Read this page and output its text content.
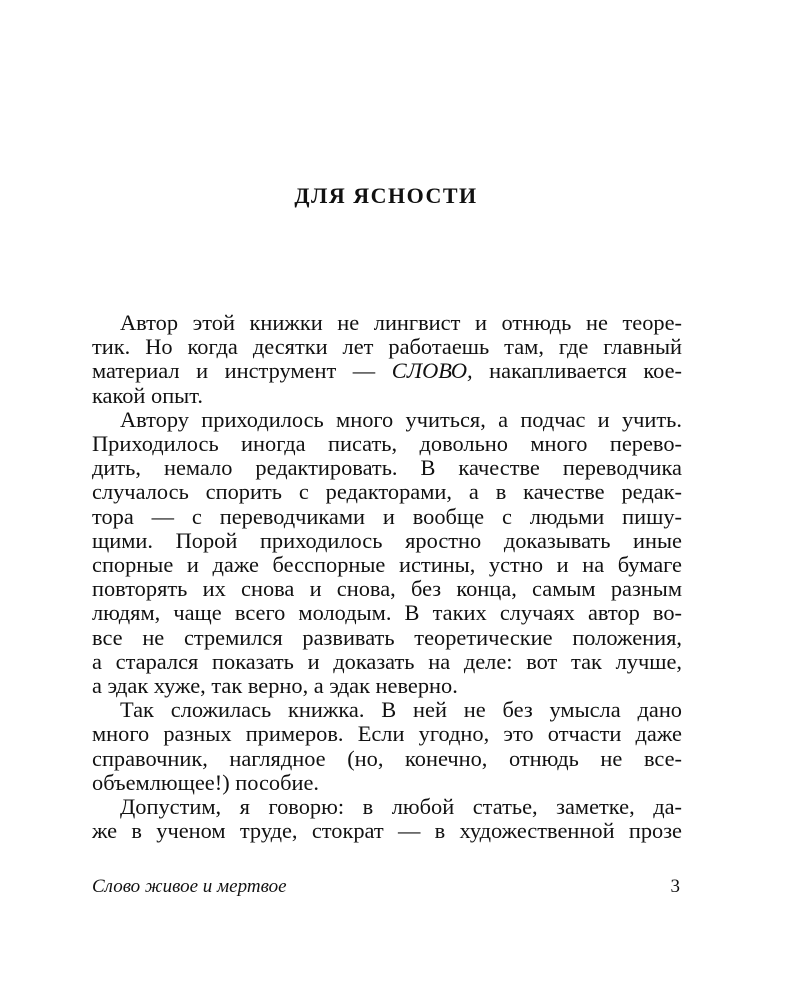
ДЛЯ ЯСНОСТИ
Автор этой книжки не лингвист и отнюдь не теоре-
тик. Но когда десятки лет работаешь там, где главный
материал и инструмент — СЛОВО, накапливается кое-
какой опыт.
Автору приходилось много учиться, а подчас и учить.
Приходилось иногда писать, довольно много перево-
дить, немало редактировать. В качестве переводчика
случалось спорить с редакторами, а в качестве редак-
тора — с переводчиками и вообще с людьми пишу-
щими. Порой приходилось яростно доказывать иные
спорные и даже бесспорные истины, устно и на бумаге
повторять их снова и снова, без конца, самым разным
людям, чаще всего молодым. В таких случаях автор во-
все не стремился развивать теоретические положения,
а старался показать и доказать на деле: вот так лучше,
а эдак хуже, так верно, а эдак неверно.
Так сложилась книжка. В ней не без умысла дано
много разных примеров. Если угодно, это отчасти даже
справочник, наглядное (но, конечно, отнюдь не все-
объемлющее!) пособие.
Допустим, я говорю: в любой статье, заметке, да-
же в ученом труде, стократ — в художественной прозе
Слово живое и мертвое	3
